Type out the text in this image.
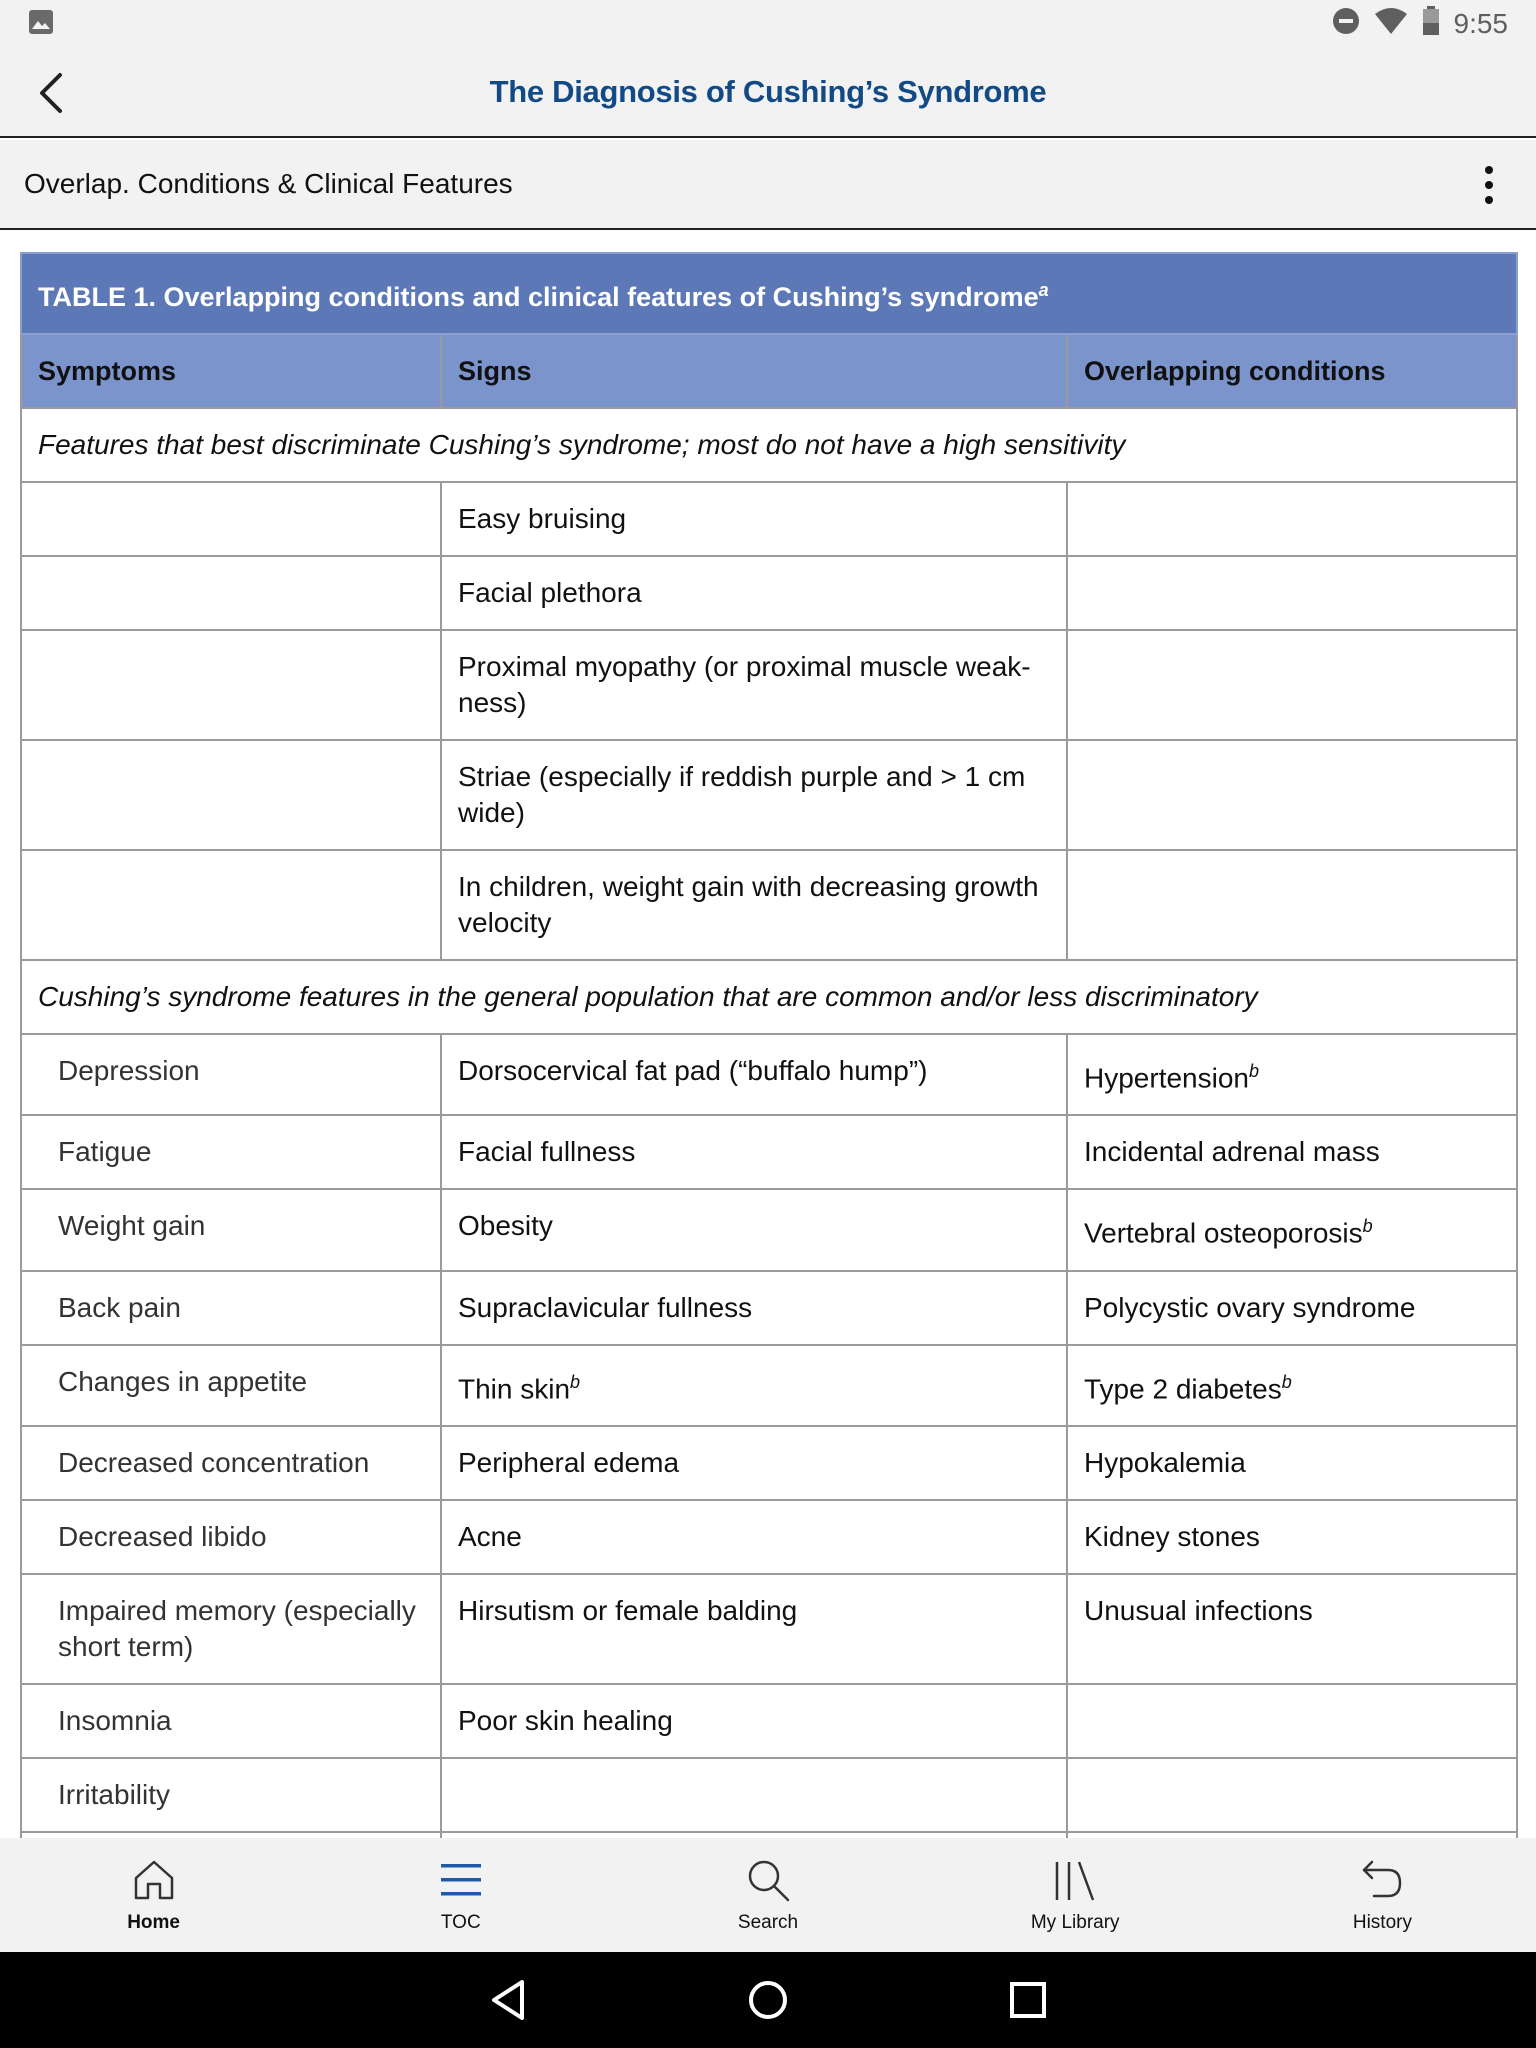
9:55
The Diagnosis of Cushing’s Syndrome
Overlap. Conditions & Clinical Features
TABLE 1. Overlapping conditions and clinical features of Cushing’s syndrome$^a$
Symptoms	Signs	Overlapping conditions
Features that best discriminate Cushing’s syndrome; most do not have a high sensitivity		
	Easy bruising	
	Facial plethora	
	Proximal myopathy (or proximal muscle weak-
ness)	
	Striae (especially if reddish purple and > 1 cm
wide)	
	In children, weight gain with decreasing growth
velocity	
Cushing’s syndrome features in the general population that are common and/or less discriminatory		
Depression	Dorsocervical fat pad (“buffalo hump”)	Hypertension$^b$
Fatigue	Facial fullness	Incidental adrenal mass
Weight gain	Obesity	Vertebral osteoporosis$^b$
Back pain	Supraclavicular fullness	Polycystic ovary syndrome
Changes in appetite	Thin skin$^b$	Type 2 diabetes$^b$
Decreased concentration	Peripheral edema	Hypokalemia
Decreased libido	Acne	Kidney stones
Impaired memory (especially
short term)	Hirsutism or female balding	Unusual infections
Insomnia	Poor skin healing	
Irritability		

Home	TOC	Search	My Library	History
